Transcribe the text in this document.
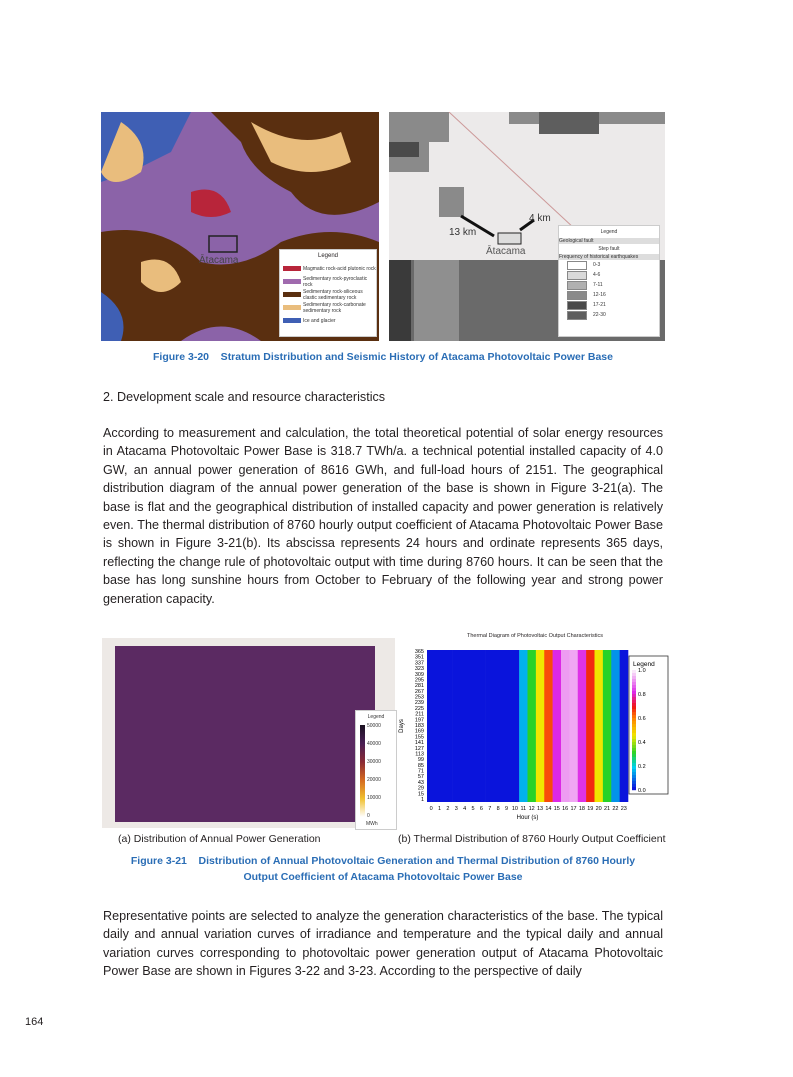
Ātacama	Legend
Magmatic rock-acid plutonic rock
Sedimentary rock-pyroclastic rock
Sedimentary rock-siliceous clastic sedimentary rock
Sedimentary rock-carbonate sedimentary rock
Ice and glacier
13 km
4 km
Ātacama
Legend
Geological fault
Step fault
Frequency of historical earthquakes
0-3
4-6
7-11
12-16
17-21
22-30
Figure 3-20    Stratum Distribution and Seismic History of Atacama Photovoltaic Power Base
2. Development scale and resource characteristics
According to measurement and calculation, the total theoretical potential of solar energy resources in Atacama Photovoltaic Power Base is 318.7 TWh/a. a technical potential installed capacity of 4.0 GW, an annual power generation of 8616 GWh, and full-load hours of 2151. The geographical distribution diagram of the annual power generation of the base is shown in Figure 3-21(a). The base is flat and the geographical distribution of installed capacity and power generation is relatively even. The thermal distribution of 8760 hourly output coefficient of Atacama Photovoltaic Power Base is shown in Figure 3-21(b). Its abscissa represents 24 hours and ordinate represents 365 days, reflecting the change rule of photovoltaic output with time during 8760 hours. It can be seen that the base has long sunshine hours from October to February of the following year and strong power generation capacity.
Legend
50000
40000
30000
20000
10000
0
MWh
Thermal Diagram of Photovoltaic Output Characteristics
0 1 2 3 4 5 6 7 8 9 10 11 12 13 14 15 16 17 18 19 20 21 22 23
365
351
337
323
309
295
281
267
253
239
225
211
197
183
169
155
141
127
113
99
85
71
57
43
29
15
1
Hour (s)
Days
Legend
1.0
0.8
0.6
0.4
0.2
0.0
(a) Distribution of Annual Power Generation	(b) Thermal Distribution of 8760 Hourly Output Coefficient
Figure 3-21    Distribution of Annual Photovoltaic Generation and Thermal Distribution of 8760 Hourly
Output Coefficient of Atacama Photovoltaic Power Base
Representative points are selected to analyze the generation characteristics of the base. The typical daily and annual variation curves of irradiance and temperature and the typical daily and annual variation curves corresponding to photovoltaic power generation output of Atacama Photovoltaic Power Base are shown in Figures 3-22 and 3-23. According to the perspective of daily
164
